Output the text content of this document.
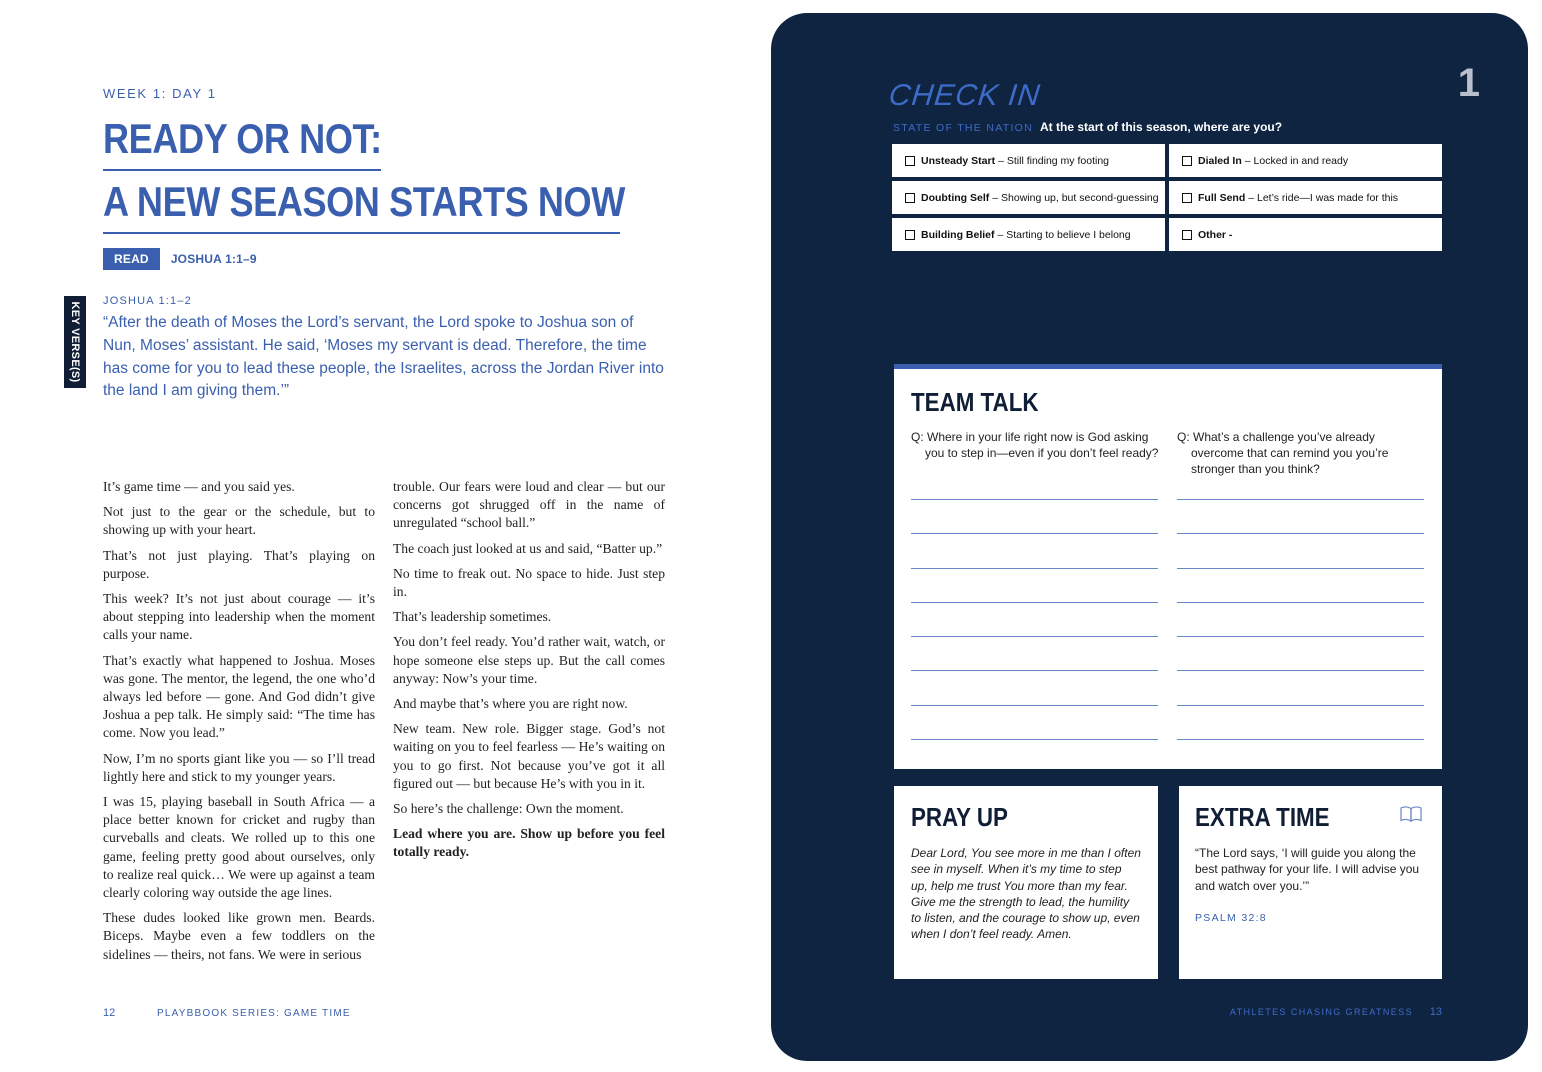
WEEK 1: DAY 1
READY OR NOT:
A NEW SEASON STARTS NOW
READ	JOSHUA 1:1–9
KEY VERSE(S)
JOSHUA 1:1–2
“After the death of Moses the Lord’s servant, the Lord spoke to Joshua son of Nun, Moses’ assistant. He said, ‘Moses my servant is dead. Therefore, the time has come for you to lead these people, the Israelites, across the Jordan River into the land I am giving them.’”

It’s game time — and you said yes.

Not just to the gear or the schedule, but to showing up with your heart.

That’s not just playing. That’s playing on purpose.

This week? It’s not just about courage — it’s about stepping into leadership when the moment calls your name.

That’s exactly what happened to Joshua. Moses was gone. The mentor, the legend, the one who’d always led before — gone. And God didn’t give Joshua a pep talk. He simply said: “The time has come. Now you lead.”

Now, I’m no sports giant like you — so I’ll tread lightly here and stick to my younger years.

I was 15, playing baseball in South Africa — a place better known for cricket and rugby than curveballs and cleats. We rolled up to this one game, feeling pretty good about ourselves, only to realize real quick… We were up against a team clearly coloring way outside the age lines.

These dudes looked like grown men. Beards. Biceps. Maybe even a few toddlers on the sidelines — theirs, not fans. We were in serious

trouble. Our fears were loud and clear — but our concerns got shrugged off in the name of unregulated “school ball.”

The coach just looked at us and said, “Batter up.”

No time to freak out. No space to hide. Just step in.

That’s leadership sometimes.

You don’t feel ready. You’d rather wait, watch, or hope someone else steps up. But the call comes anyway: Now’s your time.

And maybe that’s where you are right now.

New team. New role. Bigger stage. God’s not waiting on you to feel fearless — He’s waiting on you to go first. Not because you’ve got it all figured out — but because He’s with you in it.

So here’s the challenge: Own the moment.

Lead where you are. Show up before you feel totally ready.

12	PLAYBBOOK SERIES: GAME TIME
1
CHECK IN
STATE OF THE NATION At the start of this season, where are you?
Unsteady Start – Still finding my footing	Dialed In – Locked in and ready
Doubting Self – Showing up, but second-guessing	Full Send – Let’s ride—I was made for this
Building Belief – Starting to believe I belong	Other -
TEAM TALK
Q: Where in your life right now is God asking you to step in—even if you don’t feel ready?
Q: What’s a challenge you’ve already overcome that can remind you you’re stronger than you think?
PRAY UP
Dear Lord, You see more in me than I often see in myself. When it’s my time to step up, help me trust You more than my fear. Give me the strength to lead, the humility to listen, and the courage to show up, even when I don’t feel ready. Amen.
EXTRA TIME
“The Lord says, ‘I will guide you along the best pathway for your life. I will advise you and watch over you.’”
PSALM 32:8
ATHLETES CHASING GREATNESS 13
